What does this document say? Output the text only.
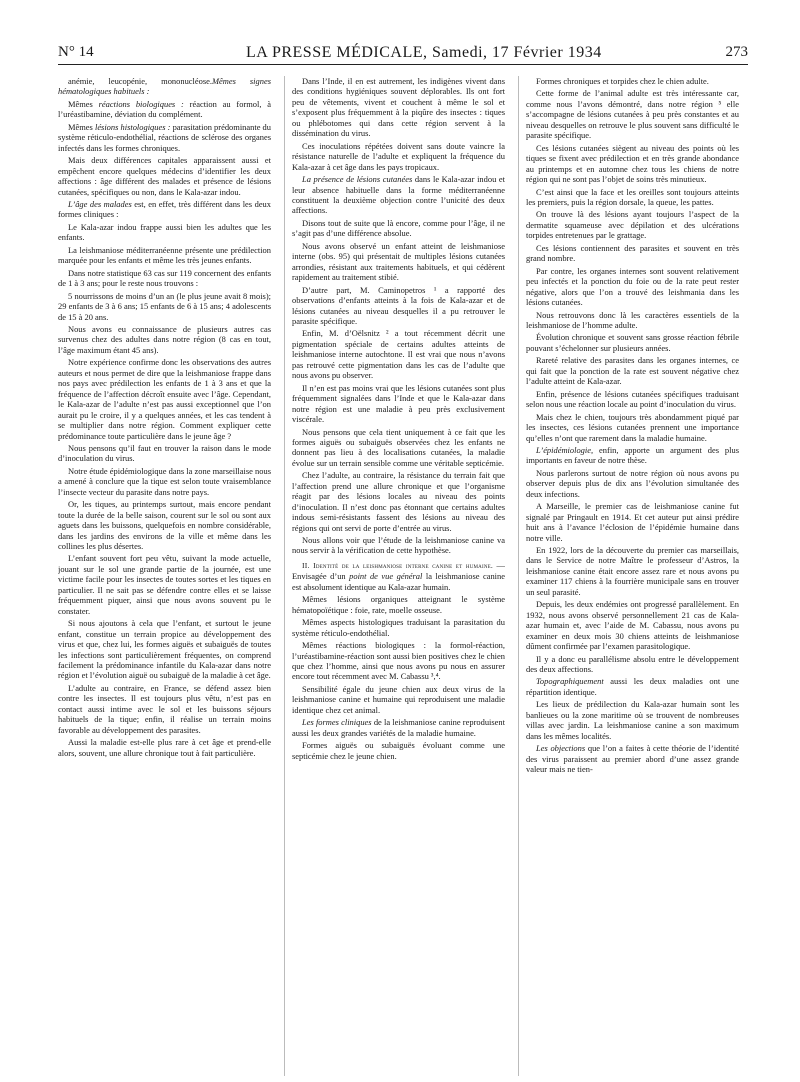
N° 14	LA PRESSE MÉDICALE, Samedi, 17 Février 1934	273

anémie, leucopénie, mononucléose.Mêmes signes hématologiques habituels :

Mêmes réactions biologiques : réaction au formol, à l’uréastibamine, déviation du complément.

Mêmes lésions histologiques : parasitation prédominante du système réticulo-endothélial, réactions de sclérose des organes infectés dans les formes chroniques.

Mais deux différences capitales apparaissent aussi et empêchent encore quelques médecins d’identifier les deux affections : âge différent des malades et présence de lésions cutanées, spécifiques ou non, dans le Kala-azar indou.

L’âge des malades est, en effet, très différent dans les deux formes cliniques :

Le Kala-azar indou frappe aussi bien les adultes que les enfants.

La leishmaniose méditerranéenne présente une prédilection marquée pour les enfants et même les très jeunes enfants.

Dans notre statistique 63 cas sur 119 concernent des enfants de 1 à 3 ans; pour le reste nous trouvons :

5 nourrissons de moins d’un an (le plus jeune avait 8 mois); 29 enfants de 3 à 6 ans; 15 enfants de 6 à 15 ans; 4 adolescents de 15 à 20 ans.

Nous avons eu connaissance de plusieurs autres cas survenus chez des adultes dans notre région (8 cas en tout, l’âge maximum étant 45 ans).

Notre expérience confirme donc les observations des autres auteurs et nous permet de dire que la leishmaniose frappe dans nos pays avec prédilection les enfants de 1 à 3 ans et que la fréquence de l’affection décroît ensuite avec l’âge. Cependant, le Kala-azar de l’adulte n’est pas aussi exceptionnel que l’on aurait pu le croire, il y a quelques années, et les cas tendent à se multiplier dans notre région. Comment expliquer cette prédominance toute particulière dans le jeune âge ?

Nous pensons qu’il faut en trouver la raison dans le mode d’inoculation du virus.

Notre étude épidémiologique dans la zone marseillaise nous a amené à conclure que la tique est selon toute vraisemblance l’insecte vecteur du parasite dans notre pays.

Or, les tiques, au printemps surtout, mais encore pendant toute la durée de la belle saison, courent sur le sol ou sont aux aguets dans les buissons, quelquefois en nombre considérable, dans les jardins des environs de la ville et même dans les collines les plus désertes.

L’enfant souvent fort peu vêtu, suivant la mode actuelle, jouant sur le sol une grande partie de la journée, est une victime facile pour les insectes de toutes sortes et les tiques en particulier. Il ne sait pas se défendre contre elles et se laisse fréquemment piquer, ainsi que nous avons souvent pu le constater.

Si nous ajoutons à cela que l’enfant, et surtout le jeune enfant, constitue un terrain propice au développement des virus et que, chez lui, les formes aiguës et subaiguës de toutes les infections sont particulièrement fréquentes, on comprend facilement la prédominance infantile du Kala-azar dans notre région et l’évolution aiguë ou subaiguë de la maladie à cet âge.

L’adulte au contraire, en France, se défend assez bien contre les insectes. Il est toujours plus vêtu, n’est pas en contact aussi intime avec le sol et les buissons séjours habituels de la tique; enfin, il réalise un terrain moins favorable au développement des parasites.

Aussi la maladie est-elle plus rare à cet âge et prend-elle alors, souvent, une allure chronique tout à fait particulière.

Dans l’Inde, il en est autrement, les indigènes vivent dans des conditions hygiéniques souvent déplorables. Ils ont fort peu de vêtements, vivent et couchent à même le sol et s’exposent plus fréquemment à la piqûre des insectes : tiques ou phlébotomes qui dans cette région servent à la dissémination du virus.

Ces inoculations répétées doivent sans doute vaincre la résistance naturelle de l’adulte et expliquent la fréquence du Kala-azar à cet âge dans les pays tropicaux.

La présence de lésions cutanées dans le Kala-azar indou et leur absence habituelle dans la forme méditerranéenne constituent la deuxième objection contre l’unicité des deux affections.

Disons tout de suite que là encore, comme pour l’âge, il ne s’agit pas d’une différence absolue.

Nous avons observé un enfant atteint de leishmaniose interne (obs. 95) qui présentait de multiples lésions cutanées arrondies, résistant aux traitements habituels, et qui cédèrent rapidement au traitement stibié.

D’autre part, M. Caminopetros ¹ a rapporté des observations d’enfants atteints à la fois de Kala-azar et de lésions cutanées au niveau desquelles il a pu retrouver le parasite spécifique.

Enfin, M. d’Oëlsnitz ² a tout récemment décrit une pigmentation spéciale de certains adultes atteints de leishmaniose interne autochtone. Il est vrai que nous n’avons pas retrouvé cette pigmentation dans les cas de l’adulte que nous avons pu observer.

Il n’en est pas moins vrai que les lésions cutanées sont plus fréquemment signalées dans l’Inde et que le Kala-azar dans notre région est une maladie à peu près exclusivement viscérale.

Nous pensons que cela tient uniquement à ce fait que les formes aiguës ou subaiguës observées chez les enfants ne donnent pas lieu à des localisations cutanées, la maladie évolue sur un terrain sensible comme une véritable septicémie.

Chez l’adulte, au contraire, la résistance du terrain fait que l’affection prend une allure chronique et que l’organisme réagit par des lésions locales au niveau des points d’inoculation. Il n’est donc pas étonnant que certains adultes indous semi-résistants fassent des lésions au niveau des régions qui ont servi de porte d’entrée au virus.

Nous allons voir que l’étude de la leishmaniose canine va nous servir à la vérification de cette hypothèse.

II. Identité de la leishmaniose interne canine et humaine. — Envisagée d’un point de vue général la leishmaniose canine est absolument identique au Kala-azar humain.

Mêmes lésions organiques atteignant le système hématopoïétique : foie, rate, moelle osseuse.

Mêmes aspects histologiques traduisant la parasitation du système réticulo-endothélial.

Mêmes réactions biologiques : la formol-réaction, l’uréastibamine-réaction sont aussi bien positives chez le chien que chez l’homme, ainsi que nous avons pu nous en assurer encore tout récemment avec M. Cabassu ³,⁴.

Sensibilité égale du jeune chien aux deux virus de la leishmaniose canine et humaine qui reproduisent une maladie identique chez cet animal.

Les formes cliniques de la leishmaniose canine reproduisent aussi les deux grandes variétés de la maladie humaine.

Formes aiguës ou subaiguës évoluant comme une septicémie chez le jeune chien.

Formes chroniques et torpides chez le chien adulte.

Cette forme de l’animal adulte est très intéressante car, comme nous l’avons démontré, dans notre région ⁵ elle s’accompagne de lésions cutanées à peu près constantes et au niveau desquelles on retrouve le plus souvent sans difficulté le parasite spécifique.

Ces lésions cutanées siègent au niveau des points où les tiques se fixent avec prédilection et en très grande abondance au printemps et en automne chez tous les chiens de notre région qui ne sont pas l’objet de soins très minutieux.

C’est ainsi que la face et les oreilles sont toujours atteints les premiers, puis la région dorsale, la queue, les pattes.

On trouve là des lésions ayant toujours l’aspect de la dermatite squameuse avec dépilation et des ulcérations torpides entretenues par le grattage.

Ces lésions contiennent des parasites et souvent en très grand nombre.

Par contre, les organes internes sont souvent relativement peu infectés et la ponction du foie ou de la rate peut rester négative, alors que l’on a trouvé des leishmania dans les lésions cutanées.

Nous retrouvons donc là les caractères essentiels de la leishmaniose de l’homme adulte.

Évolution chronique et souvent sans grosse réaction fébrile pouvant s’échelonner sur plusieurs années.

Rareté relative des parasites dans les organes internes, ce qui fait que la ponction de la rate est souvent négative chez l’adulte atteint de Kala-azar.

Enfin, présence de lésions cutanées spécifiques traduisant selon nous une réaction locale au point d’inoculation du virus.

Mais chez le chien, toujours très abondamment piqué par les insectes, ces lésions cutanées prennent une importance qu’elles n’ont que rarement dans la maladie humaine.

L’épidémiologie, enfin, apporte un argument des plus importants en faveur de notre thèse.

Nous parlerons surtout de notre région où nous avons pu observer depuis plus de dix ans l’évolution simultanée des deux infections.

A Marseille, le premier cas de leishmaniose canine fut signalé par Pringault en 1914. Et cet auteur put ainsi prédire huit ans à l’avance l’éclosion de l’épidémie humaine dans notre ville.

En 1922, lors de la découverte du premier cas marseillais, dans le Service de notre Maître le professeur d’Astros, la leishmaniose canine était encore assez rare et nous avons pu examiner 117 chiens à la fourrière municipale sans en trouver un seul parasité.

Depuis, les deux endémies ont progressé parallèlement. En 1932, nous avons observé personnellement 21 cas de Kala-azar humain et, avec l’aide de M. Cabassu, nous avons pu examiner en deux mois 30 chiens atteints de leishmaniose dûment confirmée par l’examen parasitologique.

Il y a donc eu parallélisme absolu entre le développement des deux affections.

Topographiquement aussi les deux maladies ont une répartition identique.

Les lieux de prédilection du Kala-azar humain sont les banlieues ou la zone maritime où se trouvent de nombreuses villas avec jardin. La leishmaniose canine a son maximum dans les mêmes localités.

Les objections que l’on a faites à cette théorie de l’identité des virus paraissent au premier abord d’une assez grande valeur mais ne tien-
